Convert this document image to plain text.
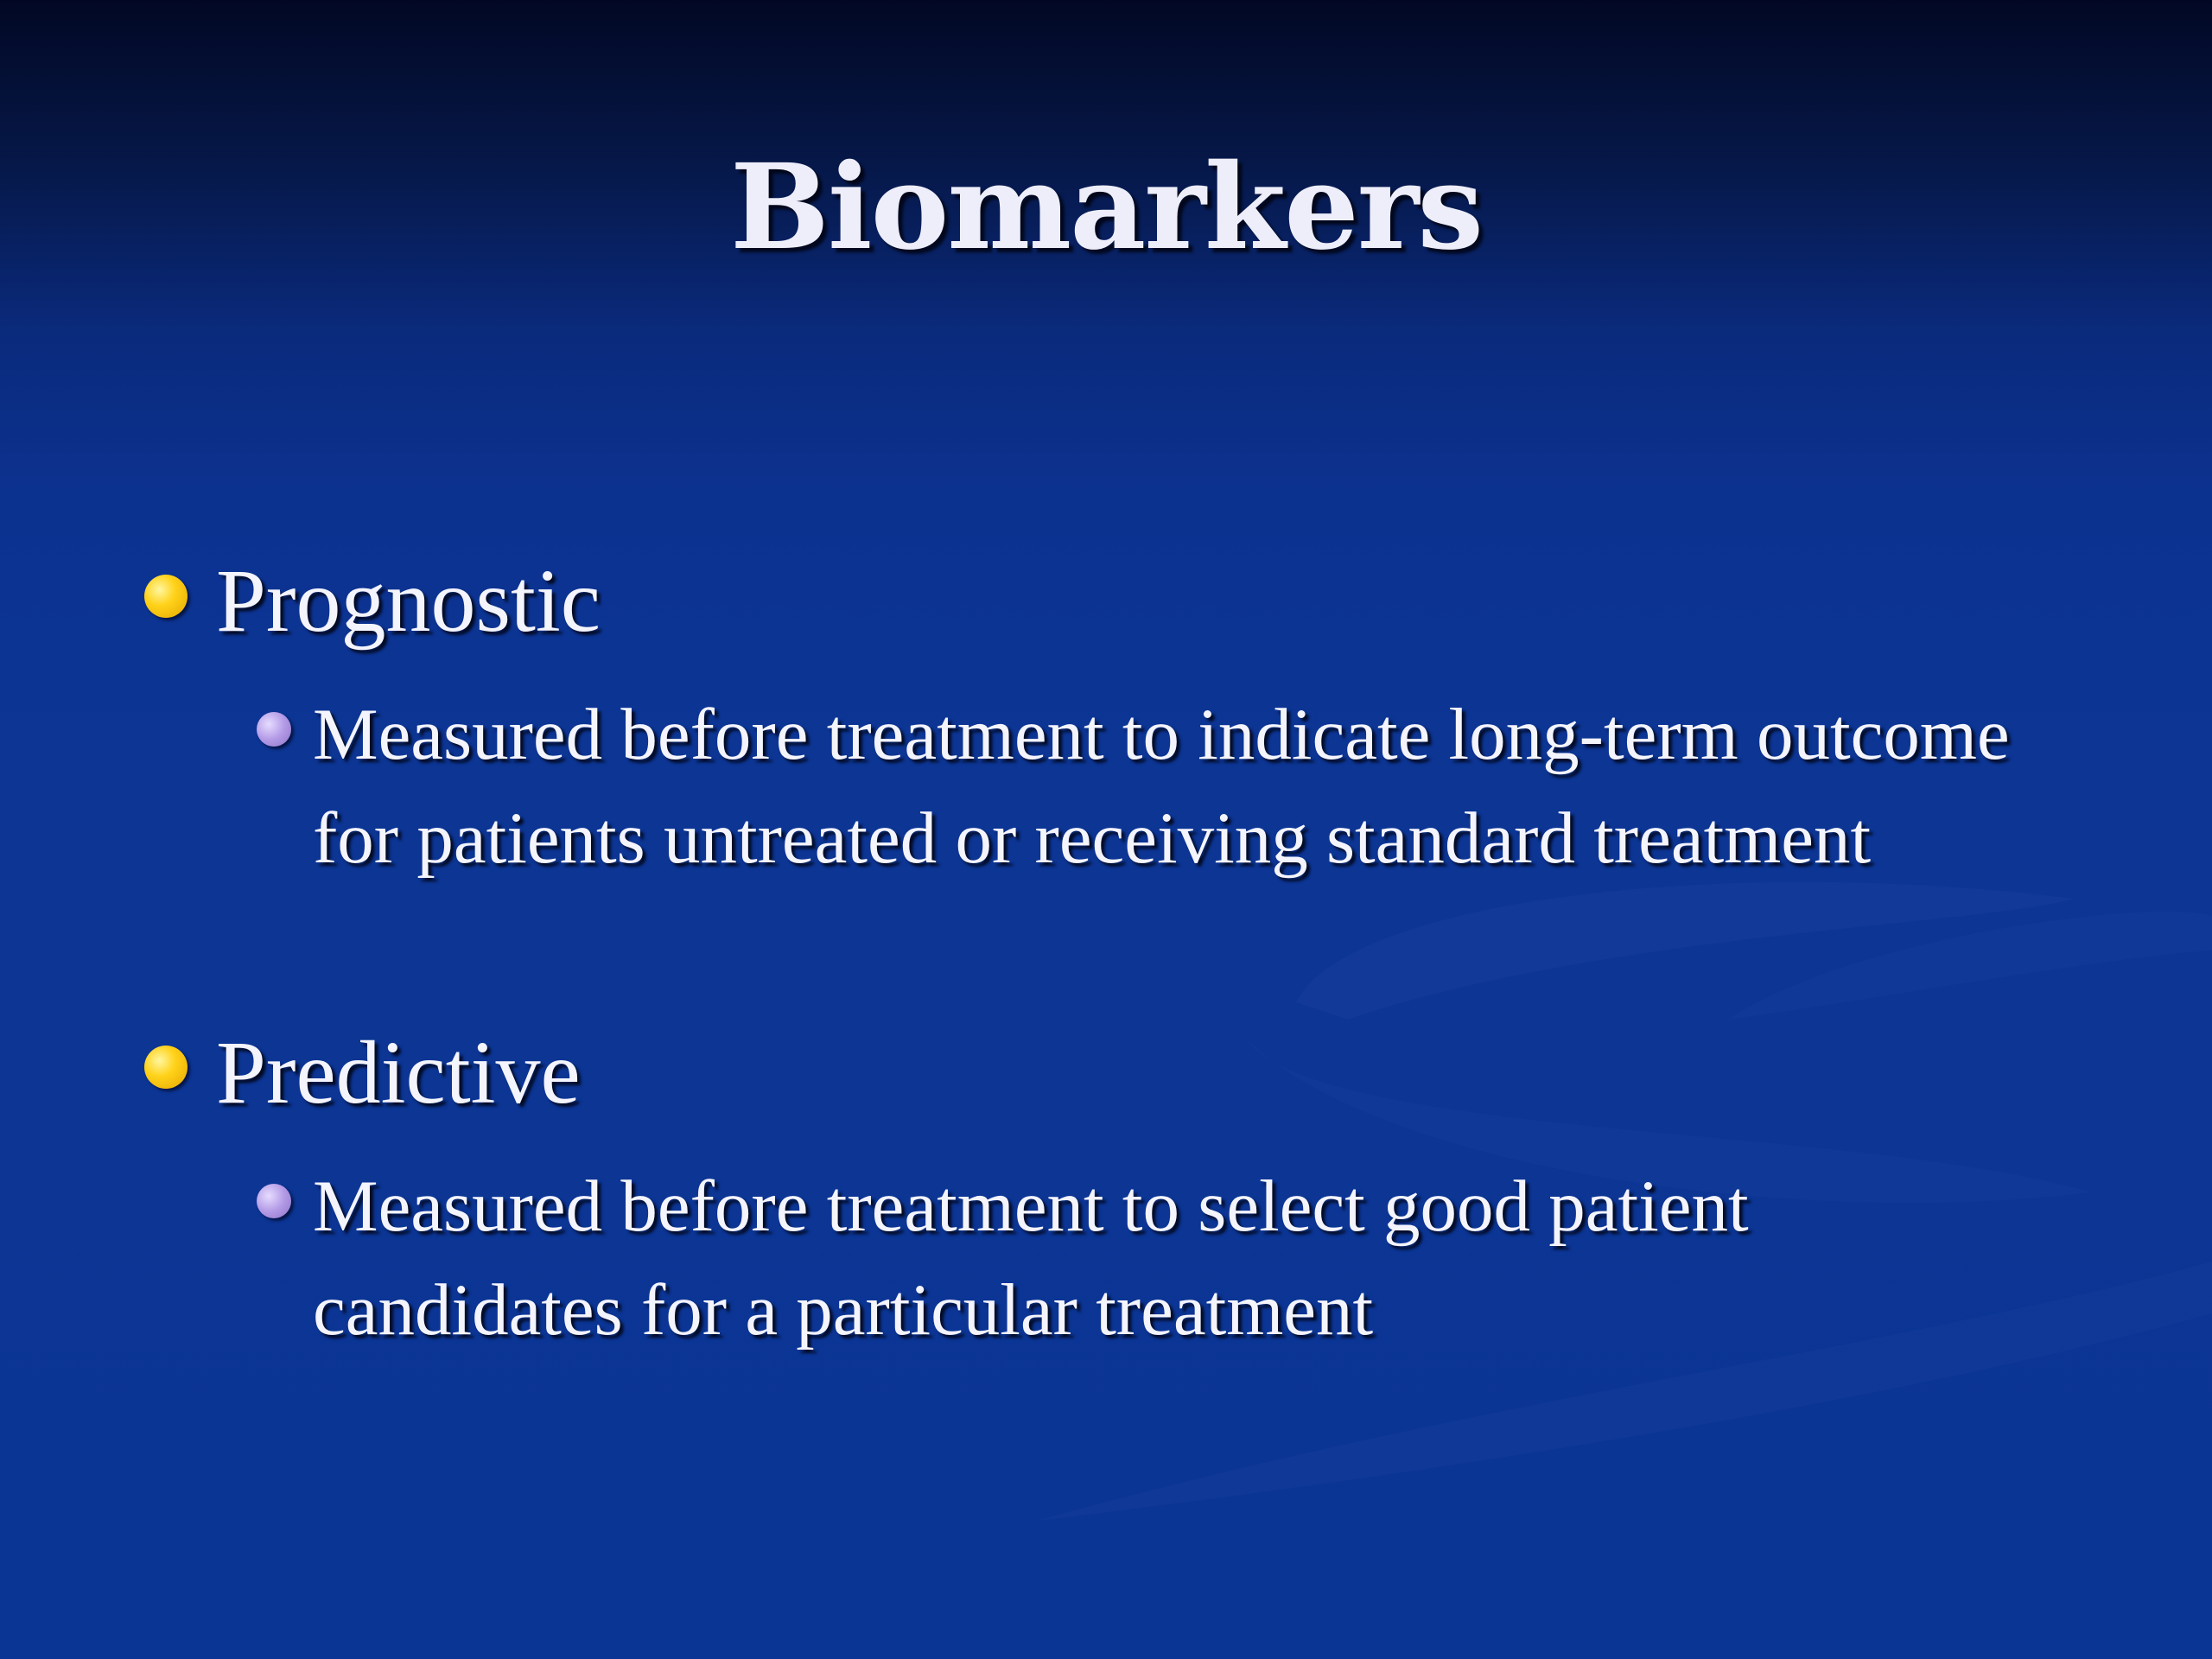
Biomarkers
Prognostic

Measured before treatment to indicate long-term outcome for patients untreated or receiving standard treatment

Predictive

Measured before treatment to select good patient candidates for a particular treatment
